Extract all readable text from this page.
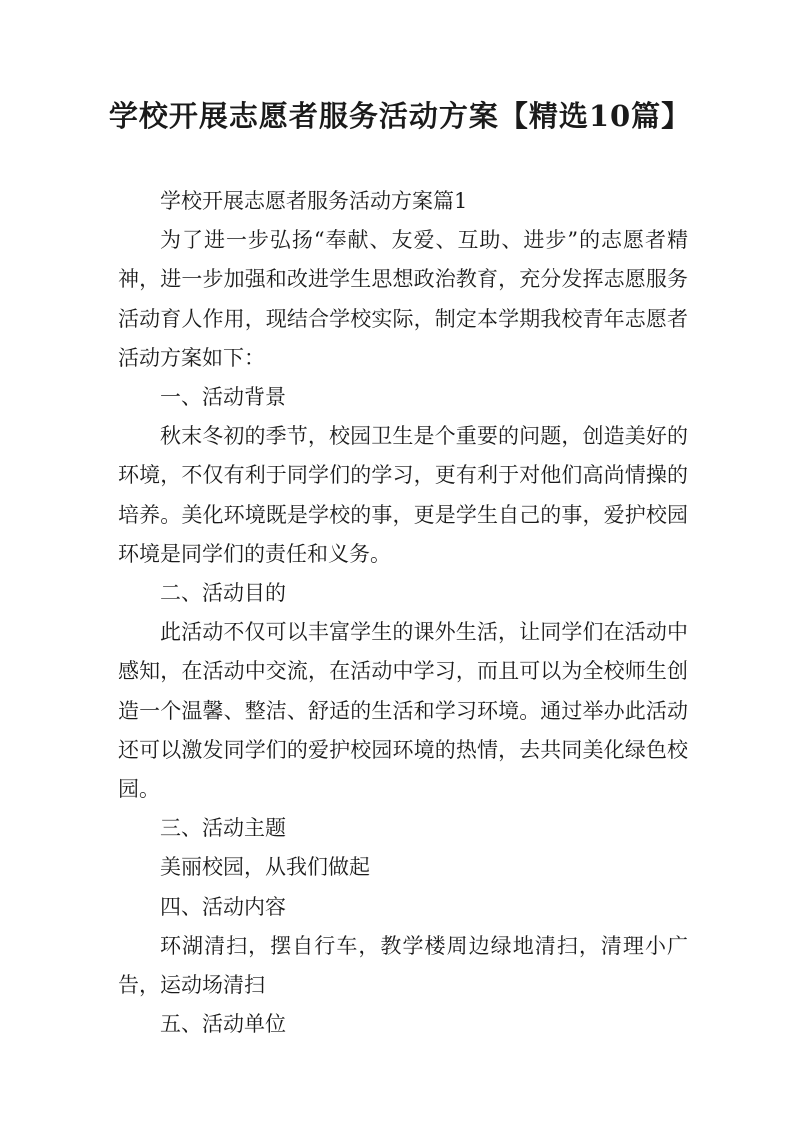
学校开展志愿者服务活动方案【精选10篇】

学校开展志愿者服务活动方案篇1

为了进一步弘扬“奉献、友爱、互助、进步”的志愿者精神，进一步加强和改进学生思想政治教育，充分发挥志愿服务活动育人作用，现结合学校实际，制定本学期我校青年志愿者活动方案如下：

一、活动背景

秋末冬初的季节，校园卫生是个重要的问题，创造美好的环境，不仅有利于同学们的学习，更有利于对他们高尚情操的培养。美化环境既是学校的事，更是学生自己的事，爱护校园环境是同学们的责任和义务。

二、活动目的

此活动不仅可以丰富学生的课外生活，让同学们在活动中感知，在活动中交流，在活动中学习，而且可以为全校师生创造一个温馨、整洁、舒适的生活和学习环境。通过举办此活动还可以激发同学们的爱护校园环境的热情，去共同美化绿色校园。

三、活动主题

美丽校园，从我们做起

四、活动内容

环湖清扫，摆自行车，教学楼周边绿地清扫，清理小广告，运动场清扫

五、活动单位
